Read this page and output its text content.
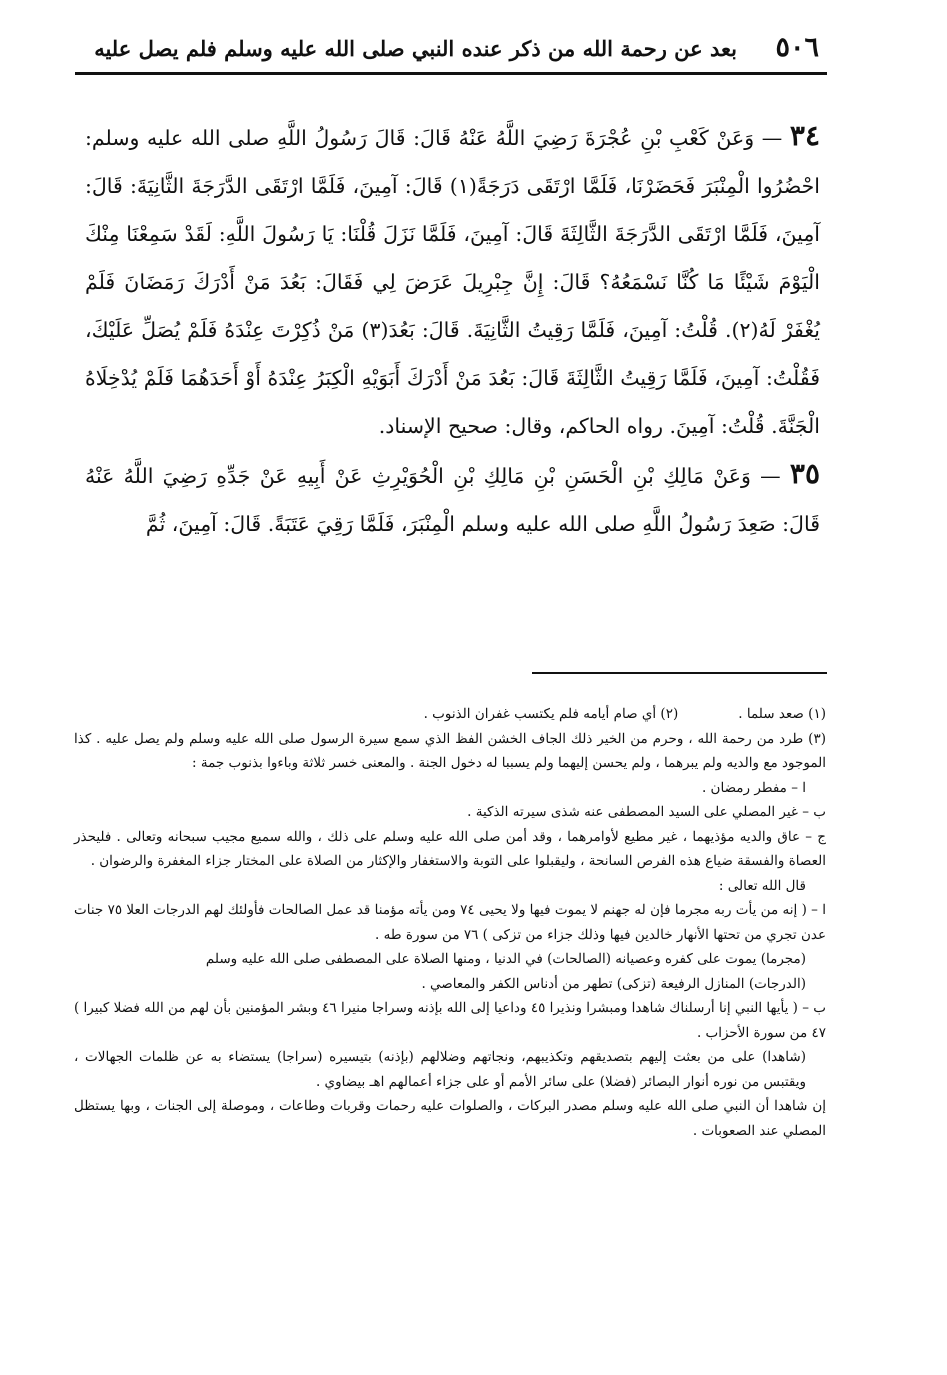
٥٠٦
بعد عن رحمة الله من ذكر عنده النبي صلى الله عليه وسلم فلم يصل عليه

٣٤ — وَعَنْ كَعْبِ بْنِ عُجْرَةَ رَضِيَ اللَّهُ عَنْهُ قَالَ: قَالَ رَسُولُ اللَّهِ صلى الله عليه وسلم: احْضُرُوا الْمِنْبَرَ فَحَضَرْنَا، فَلَمَّا ارْتَقَى دَرَجَةً(١) قَالَ: آمِينَ، فَلَمَّا ارْتَقَى الدَّرَجَةَ الثَّانِيَةَ: قَالَ: آمِينَ، فَلَمَّا ارْتَقَى الدَّرَجَةَ الثَّالِثَةَ قَالَ: آمِينَ، فَلَمَّا نَزَلَ قُلْنَا: يَا رَسُولَ اللَّهِ: لَقَدْ سَمِعْنَا مِنْكَ الْيَوْمَ شَيْئًا مَا كُنَّا نَسْمَعُهُ؟ قَالَ: إِنَّ جِبْرِيلَ عَرَضَ لِي فَقَالَ: بَعُدَ مَنْ أَدْرَكَ رَمَضَانَ فَلَمْ يُغْفَرْ لَهُ(٢). قُلْتُ: آمِينَ، فَلَمَّا رَقِيتُ الثَّانِيَةَ. قَالَ: بَعُدَ(٣) مَنْ ذُكِرْتَ عِنْدَهُ فَلَمْ يُصَلِّ عَلَيْكَ، فَقُلْتُ: آمِينَ، فَلَمَّا رَقِيتُ الثَّالِثَةَ قَالَ: بَعُدَ مَنْ أَدْرَكَ أَبَوَيْهِ الْكِبَرُ عِنْدَهُ أَوْ أَحَدَهُمَا فَلَمْ يُدْخِلَاهُ الْجَنَّةَ. قُلْتُ: آمِينَ. رواه الحاكم، وقال: صحيح الإسناد.

٣٥ — وَعَنْ مَالِكِ بْنِ الْحَسَنِ بْنِ مَالِكِ بْنِ الْحُوَيْرِثِ عَنْ أَبِيهِ عَنْ جَدِّهِ رَضِيَ اللَّهُ عَنْهُ قَالَ: صَعِدَ رَسُولُ اللَّهِ صلى الله عليه وسلم الْمِنْبَرَ، فَلَمَّا رَقِيَ عَتَبَةً. قَالَ: آمِينَ، ثُمَّ

(١) صعد سلما .

(٢) أي صام أيامه فلم يكتسب غفران الذنوب .

(٣) طرد من رحمة الله ، وحرم من الخير ذلك الجاف الخشن الفظ الذي سمع سيرة الرسول صلى الله عليه وسلم ولم يصل عليه . كذا الموجود مع والديه ولم يبرهما ، ولم يحسن إليهما ولم يسببا له دخول الجنة . والمعنى خسر ثلاثة وباءوا بذنوب جمة :

ا – مفطر رمضان .

ب – غير المصلي على السيد المصطفى عنه شذى سيرته الذكية .

ج – عاق والديه مؤذيهما ، غير مطيع لأوامرهما ، وقد أمن صلى الله عليه وسلم على ذلك ، والله سميع مجيب سبحانه وتعالى . فليحذر العصاة والفسقة ضياع هذه الفرص السانحة ، وليقبلوا على التوبة والاستغفار والإكثار من الصلاة على المختار جزاء المغفرة والرضوان .

قال الله تعالى :

ا – ( إنه من يأت ربه مجرما فإن له جهنم لا يموت فيها ولا يحيى ٧٤ ومن يأته مؤمنا قد عمل الصالحات فأولئك لهم الدرجات العلا ٧٥ جنات عدن تجري من تحتها الأنهار خالدين فيها وذلك جزاء من تزكى ) ٧٦ من سورة طه .

(مجرما) يموت على كفره وعصيانه (الصالحات) في الدنيا ، ومنها الصلاة على المصطفى صلى الله عليه وسلم

(الدرجات) المنازل الرفيعة (تزكى) تطهر من أدناس الكفر والمعاصي .

ب – ( يأيها النبي إنا أرسلناك شاهدا ومبشرا ونذيرا ٤٥ وداعيا إلى الله بإذنه وسراجا منيرا ٤٦ وبشر المؤمنين بأن لهم من الله فضلا كبيرا ) ٤٧ من سورة الأحزاب .

(شاهدا) على من بعثت إليهم بتصديقهم وتكذيبهم، ونجاتهم وضلالهم (بإذنه) بتيسيره (سراجا) يستضاء به عن ظلمات الجهالات ، ويقتبس من نوره أنوار البصائر (فضلا) على سائر الأمم أو على جزاء أعمالهم اهـ بيضاوي .

إن شاهدا أن النبي صلى الله عليه وسلم مصدر البركات ، والصلوات عليه رحمات وقربات وطاعات ، وموصلة إلى الجنات ، وبها يستظل المصلي عند الصعوبات .
